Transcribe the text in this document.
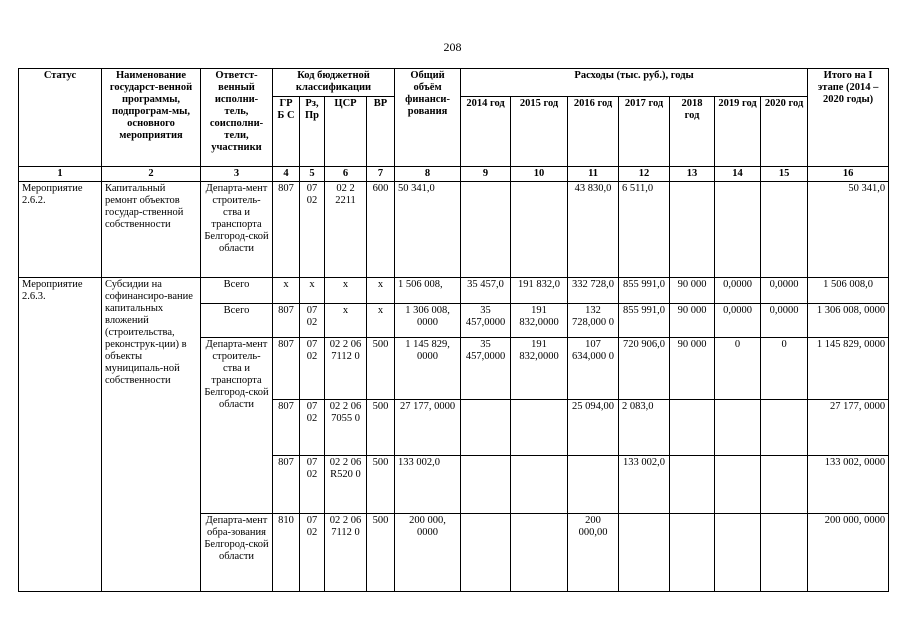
208
Статус	Наименование государст-венной программы, подпрограм-мы, основного мероприятия	Ответст-венный исполни-тель, соисполни-тели, участники	Код бюджетной классификации				Общий объём финанси-рования	Расходы (тыс. руб.), годы							Итого на I этапе (2014 – 2020 годы)
			ГРБ С	Рз, Пр	ЦСР	ВР		2014 год	2015 год	2016 год	2017 год	2018 год	2019 год	2020 год	
1	2	3	4	5	6	7	8	9	10	11	12	13	14	15	16
Мероприятие 2.6.2.	Капитальный ремонт объектов государ-ственной собственности	Департа-мент строитель-ства и транспорта Белгород-ской области	807	07 02	02 2 2211	600	50 341,0			43 830,0	6 511,0				50 341,0
Мероприятие 2.6.3.	Субсидии на софинансиро-вание капитальных вложений (строительства, реконструк-ции) в объекты муниципаль-ной собственности	Всего	х	х	х	х	1 506 008,	35 457,0	191 832,0	332 728,0	855 991,0	90 000	0,0000	0,0000	1 506 008,0
		Всего	807	07 02	х	х	1 306 008, 0000	35 457,0000	191 832,0000	132 728,000 0	855 991,0	90 000	0,0000	0,0000	1 306 008, 0000
		Департа-мент строитель-ства и транспорта Белгород-ской области	807	07 02	02 2 06 7112 0	500	1 145 829, 0000	35 457,0000	191 832,0000	107 634,000 0	720 906,0	90 000	0	0	1 145 829, 0000
			807	07 02	02 2 06 7055 0	500	27 177, 0000			25 094,00	2 083,0				27 177, 0000
			807	07 02	02 2 06 R520 0	500	133 002,0				133 002,0				133 002, 0000
		Департа-мент обра-зования Белгород-ской области	810	07 02	02 2 06 7112 0	500	200 000, 0000			200 000,00					200 000, 0000
